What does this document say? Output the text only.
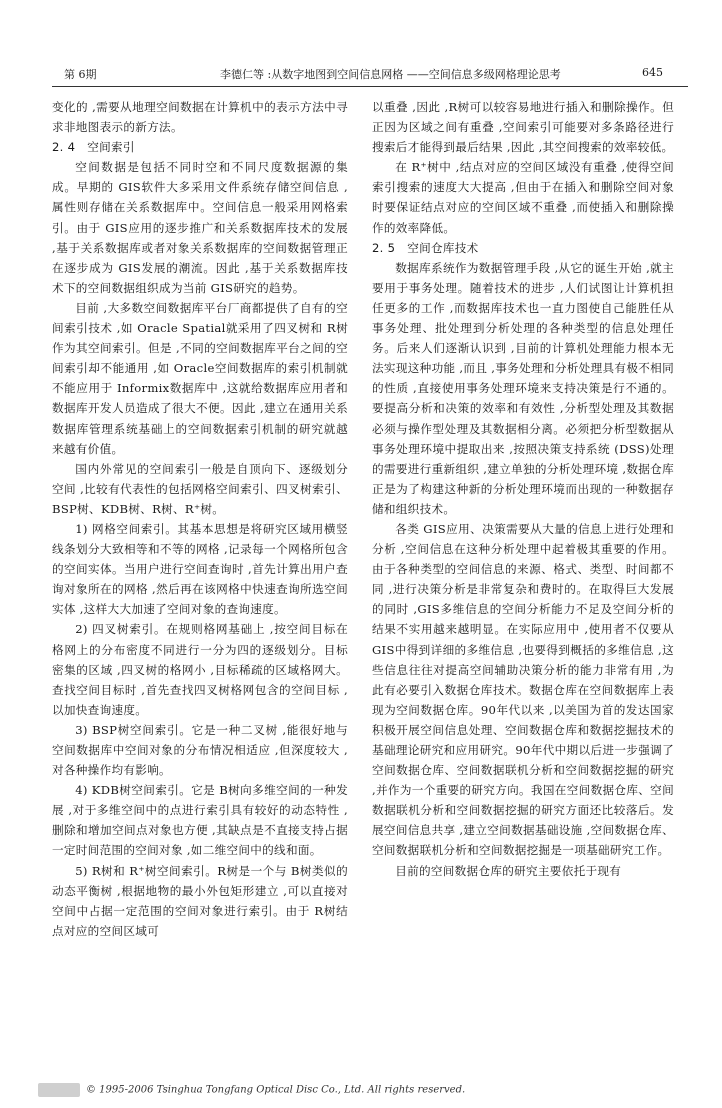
第 6期	李德仁等 :从数字地图到空间信息网格 ——空间信息多级网格理论思考	645

变化的 ,需要从地理空间数据在计算机中的表示方法中寻求非地图表示的新方法。

2. 4　空间索引

空间数据是包括不同时空和不同尺度数据源的集成。早期的 GIS软件大多采用文件系统存储空间信息 ,属性则存储在关系数据库中。空间信息一般采用网格索引。由于 GIS应用的逐步推广和关系数据库技术的发展 ,基于关系数据库或者对象关系数据库的空间数据管理正在逐步成为 GIS发展的潮流。因此 ,基于关系数据库技术下的空间数据组织成为当前 GIS研究的趋势。

目前 ,大多数空间数据库平台厂商都提供了自有的空间索引技术 ,如 Oracle Spatial就采用了四叉树和 R树作为其空间索引。但是 ,不同的空间数据库平台之间的空间索引却不能通用 ,如 Oracle空间数据库的索引机制就不能应用于 Informix数据库中 ,这就给数据库应用者和数据库开发人员造成了很大不便。因此 ,建立在通用关系数据库管理系统基础上的空间数据索引机制的研究就越来越有价值。

国内外常见的空间索引一般是自顶向下、逐级划分空间 ,比较有代表性的包括网格空间索引、四叉树索引、BSP树、KDB树、R树、R⁺树。

1) 网格空间索引。其基本思想是将研究区域用横竖线条划分大致相等和不等的网格 ,记录每一个网格所包含的空间实体。当用户进行空间查询时 ,首先计算出用户查询对象所在的网格 ,然后再在该网格中快速查询所选空间实体 ,这样大大加速了空间对象的查询速度。

2) 四叉树索引。在规则格网基础上 ,按空间目标在格网上的分布密度不同进行一分为四的逐级划分。目标密集的区域 ,四叉树的格网小 ,目标稀疏的区域格网大。查找空间目标时 ,首先查找四叉树格网包含的空间目标 ,以加快查询速度。

3) BSP树空间索引。它是一种二叉树 ,能很好地与空间数据库中空间对象的分布情况相适应 ,但深度较大 ,对各种操作均有影响。

4) KDB树空间索引。它是 B树向多维空间的一种发展 ,对于多维空间中的点进行索引具有较好的动态特性 ,删除和增加空间点对象也方便 ,其缺点是不直接支持占据一定时间范围的空间对象 ,如二维空间中的线和面。

5) R树和 R⁺树空间索引。R树是一个与 B树类似的动态平衡树 ,根据地物的最小外包矩形建立 ,可以直接对空间中占据一定范围的空间对象进行索引。由于 R树结点对应的空间区域可

以重叠 ,因此 ,R树可以较容易地进行插入和删除操作。但正因为区域之间有重叠 ,空间索引可能要对多条路径进行搜索后才能得到最后结果 ,因此 ,其空间搜索的效率较低。

在 R⁺树中 ,结点对应的空间区域没有重叠 ,使得空间索引搜索的速度大大提高 ,但由于在插入和删除空间对象时要保证结点对应的空间区域不重叠 ,而使插入和删除操作的效率降低。

2. 5　空间仓库技术

数据库系统作为数据管理手段 ,从它的诞生开始 ,就主要用于事务处理。随着技术的进步 ,人们试图让计算机担任更多的工作 ,而数据库技术也一直力图使自己能胜任从事务处理、批处理到分析处理的各种类型的信息处理任务。后来人们逐渐认识到 ,目前的计算机处理能力根本无法实现这种功能 ,而且 ,事务处理和分析处理具有极不相同的性质 ,直接使用事务处理环境来支持决策是行不通的。要提高分析和决策的效率和有效性 ,分析型处理及其数据必须与操作型处理及其数据相分离。必须把分析型数据从事务处理环境中提取出来 ,按照决策支持系统 (DSS)处理的需要进行重新组织 ,建立单独的分析处理环境 ,数据仓库正是为了构建这种新的分析处理环境而出现的一种数据存储和组织技术。

各类 GIS应用、决策需要从大量的信息上进行处理和分析 ,空间信息在这种分析处理中起着极其重要的作用。由于各种类型的空间信息的来源、格式、类型、时间都不同 ,进行决策分析是非常复杂和费时的。在取得巨大发展的同时 ,GIS多维信息的空间分析能力不足及空间分析的结果不实用越来越明显。在实际应用中 ,使用者不仅要从 GIS中得到详细的多维信息 ,也要得到概括的多维信息 ,这些信息往往对提高空间辅助决策分析的能力非常有用 ,为此有必要引入数据仓库技术。数据仓库在空间数据库上表现为空间数据仓库。90年代以来 ,以美国为首的发达国家积极开展空间信息处理、空间数据仓库和数据挖掘技术的基础理论研究和应用研究。90年代中期以后进一步强调了空间数据仓库、空间数据联机分析和空间数据挖掘的研究 ,并作为一个重要的研究方向。我国在空间数据仓库、空间数据联机分析和空间数据挖掘的研究方面还比较落后。发展空间信息共享 ,建立空间数据基础设施 ,空间数据仓库、空间数据联机分析和空间数据挖掘是一项基础研究工作。

目前的空间数据仓库的研究主要依托于现有

© 1995-2006 Tsinghua Tongfang Optical Disc Co., Ltd. All rights reserved.
